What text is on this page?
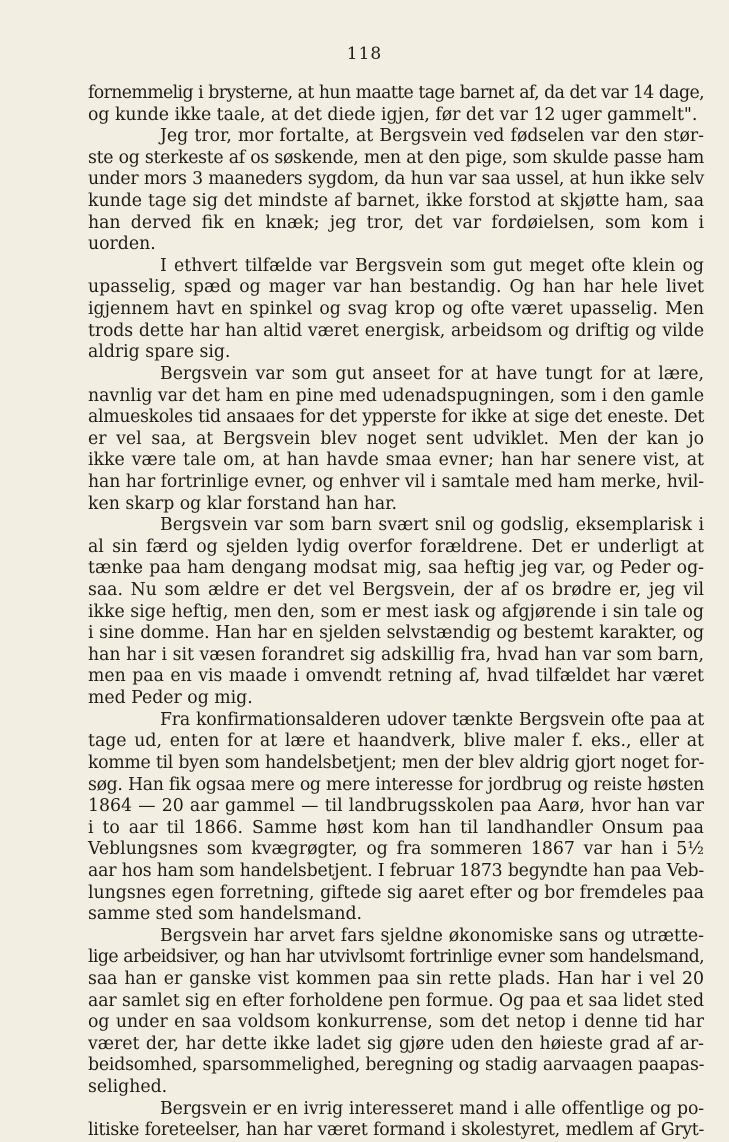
118
fornemmelig i brysterne, at hun maatte tage barnet af, da det var 14 dage,
og kunde ikke taale, at det diede igjen, før det var 12 uger gammelt".
Jeg tror, mor fortalte, at Bergsvein ved fødselen var den stør-
ste og sterkeste af os søskende, men at den pige, som skulde passe ham
under mors 3 maaneders sygdom, da hun var saa ussel, at hun ikke selv
kunde tage sig det mindste af barnet, ikke forstod at skjøtte ham, saa
han derved fik en knæk; jeg tror, det var fordøielsen, som kom i
uorden.
I ethvert tilfælde var Bergsvein som gut meget ofte klein og
upasselig, spæd og mager var han bestandig. Og han har hele livet
igjennem havt en spinkel og svag krop og ofte været upasselig. Men
trods dette har han altid været energisk, arbeidsom og driftig og vilde
aldrig spare sig.
Bergsvein var som gut anseet for at have tungt for at lære,
navnlig var det ham en pine med udenadspugningen, som i den gamle
almueskoles tid ansaaes for det ypperste for ikke at sige det eneste. Det
er vel saa, at Bergsvein blev noget sent udviklet. Men der kan jo
ikke være tale om, at han havde smaa evner; han har senere vist, at
han har fortrinlige evner, og enhver vil i samtale med ham merke, hvil-
ken skarp og klar forstand han har.
Bergsvein var som barn svært snil og godslig, eksemplarisk i
al sin færd og sjelden lydig overfor forældrene. Det er underligt at
tænke paa ham dengang modsat mig, saa heftig jeg var, og Peder og-
saa. Nu som ældre er det vel Bergsvein, der af os brødre er, jeg vil
ikke sige heftig, men den, som er mest iask og afgjørende i sin tale og
i sine domme. Han har en sjelden selvstændig og bestemt karakter, og
han har i sit væsen forandret sig adskillig fra, hvad han var som barn,
men paa en vis maade i omvendt retning af, hvad tilfældet har været
med Peder og mig.
Fra konfirmationsalderen udover tænkte Bergsvein ofte paa at
tage ud, enten for at lære et haandverk, blive maler f. eks., eller at
komme til byen som handelsbetjent; men der blev aldrig gjort noget for-
søg. Han fik ogsaa mere og mere interesse for jordbrug og reiste høsten
1864 — 20 aar gammel — til landbrugsskolen paa Aarø, hvor han var
i to aar til 1866. Samme høst kom han til landhandler Onsum paa
Veblungsnes som kvægrøgter, og fra sommeren 1867 var han i 5½
aar hos ham som handelsbetjent. I februar 1873 begyndte han paa Veb-
lungsnes egen forretning, giftede sig aaret efter og bor fremdeles paa
samme sted som handelsmand.
Bergsvein har arvet fars sjeldne økonomiske sans og utrætte-
lige arbeidsiver, og han har utvivlsomt fortrinlige evner som handelsmand,
saa han er ganske vist kommen paa sin rette plads. Han har i vel 20
aar samlet sig en efter forholdene pen formue. Og paa et saa lidet sted
og under en saa voldsom konkurrense, som det netop i denne tid har
været der, har dette ikke ladet sig gjøre uden den høieste grad af ar-
beidsomhed, sparsommelighed, beregning og stadig aarvaagen paapas-
selighed.
Bergsvein er en ivrig interesseret mand i alle offentlige og po-
litiske foreteelser, han har været formand i skolestyret, medlem af Gryt-
